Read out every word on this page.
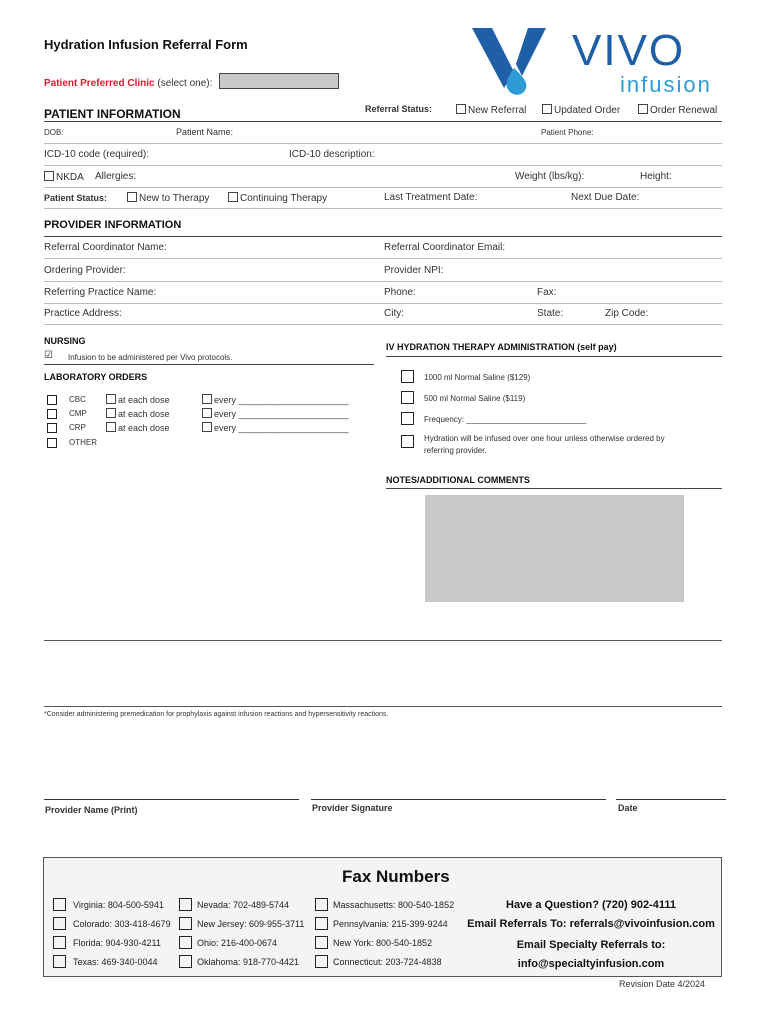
Hydration Infusion Referral Form
Patient Preferred Clinic (select one):
VIVO
infusion
PATIENT INFORMATION	Referral Status:	New Referral	Updated Order	Order Renewal
DOB:	Patient Name:	Patient Phone:
ICD-10 code (required):	ICD-10 description:
NKDA Allergies:	Weight (lbs/kg):	Height:
Patient Status:	New to Therapy	Continuing Therapy	Last Treatment Date:	Next Due Date:
PROVIDER INFORMATION
Referral Coordinator Name:	Referral Coordinator Email:
Ordering Provider:	Provider NPI:
Referring Practice Name:	Phone:	Fax:
Practice Address:	City:	State:	Zip Code:
NURSING
☑ Infusion to be administered per Vivo protocols.
LABORATORY ORDERS
CBC	at each dose	every ______________________
CMP	at each dose	every ______________________
CRP	at each dose	every ______________________
OTHER
IV HYDRATION THERAPY ADMINISTRATION (self pay)
1000 ml Normal Saline ($129)
500 ml Normal Saline ($119)
Frequency: ___________________________
Hydration will be infused over one hour unless otherwise ordered by
referring provider.
NOTES/ADDITIONAL COMMENTS
*Consider administering premedication for prophylaxis against infusion reactions and hypersensitivity reactions.
Provider Name (Print)	Provider Signature	Date
Fax Numbers
Virginia: 804-500-5941
Colorado: 303-418-4679
Florida: 904-930-4211
Texas: 469-340-0044
Nevada: 702-489-5744
New Jersey: 609-955-3711
Ohio: 216-400-0674
Oklahoma: 918-770-4421
Massachusetts: 800-540-1852
Pennsylvania: 215-399-9244
New York: 800-540-1852
Connecticut: 203-724-4838
Have a Question? (720) 902-4111
Email Referrals To: referrals@vivoinfusion.com
Email Specialty Referrals to:
info@specialtyinfusion.com
Revision Date 4/2024
